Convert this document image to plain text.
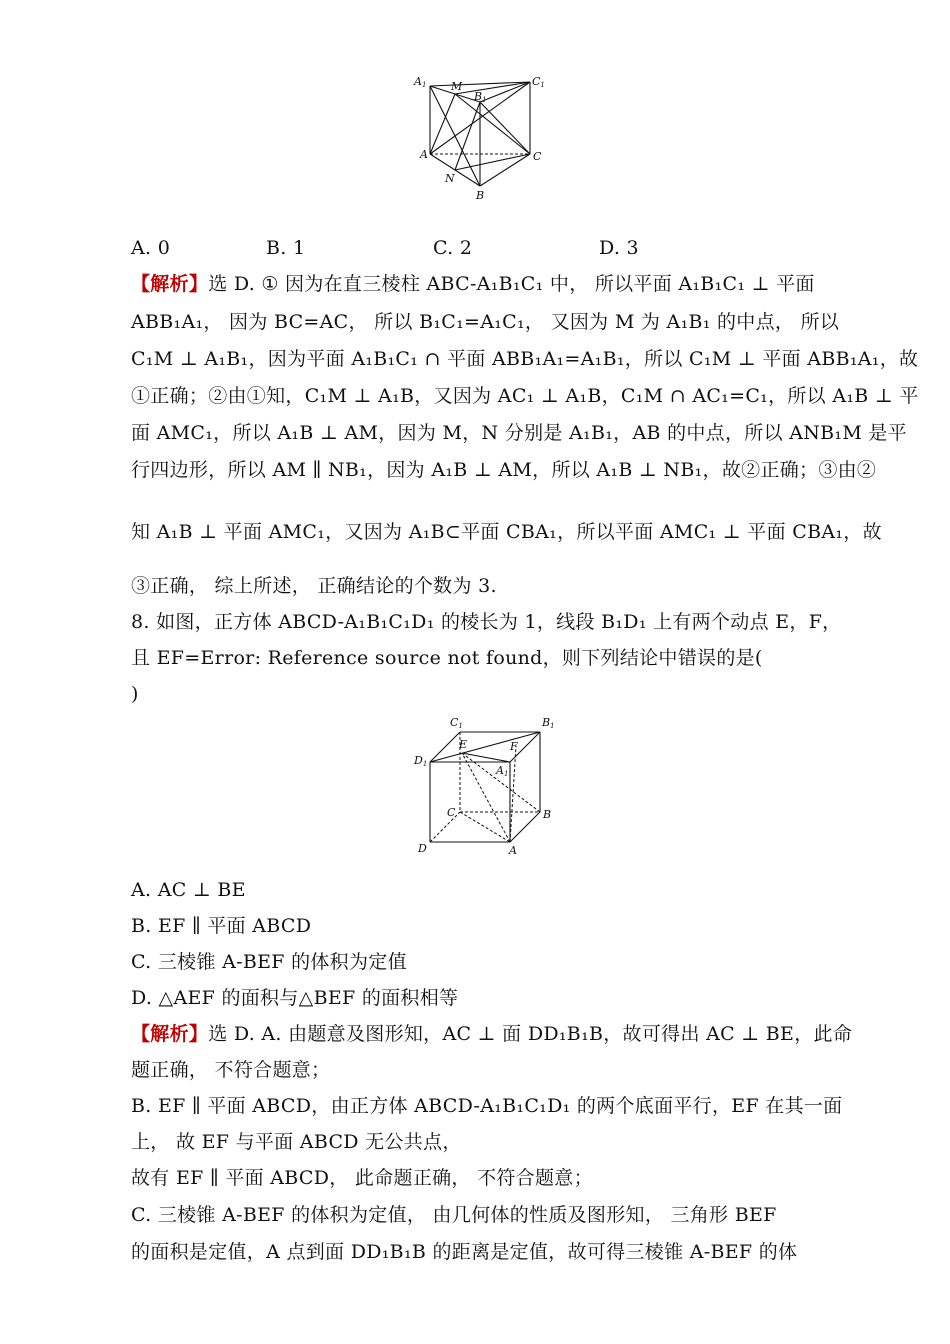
A1 M
B1
C1
A	C
N
B
A. 0	B. 1	C. 2	D. 3
【解析】选 D. ① 因为在直三棱柱 ABC-A₁B₁C₁ 中， 所以平面 A₁B₁C₁ ⊥ 平面
ABB₁A₁， 因为 BC=AC， 所以 B₁C₁=A₁C₁， 又因为 M 为 A₁B₁ 的中点， 所以
C₁M ⊥ A₁B₁，因为平面 A₁B₁C₁ ∩ 平面 ABB₁A₁=A₁B₁，所以 C₁M ⊥ 平面 ABB₁A₁，故
①正确；②由①知，C₁M ⊥ A₁B，又因为 AC₁ ⊥ A₁B，C₁M ∩ AC₁=C₁，所以 A₁B ⊥ 平
面 AMC₁，所以 A₁B ⊥ AM，因为 M，N 分别是 A₁B₁，AB 的中点，所以 ANB₁M 是平
行四边形，所以 AM ∥ NB₁，因为 A₁B ⊥ AM，所以 A₁B ⊥ NB₁，故②正确；③由②
知 A₁B ⊥ 平面 AMC₁，又因为 A₁B⊂平面 CBA₁，所以平面 AMC₁ ⊥ 平面 CBA₁，故
③正确， 综上所述， 正确结论的个数为 3.
8. 如图，正方体 ABCD-A₁B₁C₁D₁ 的棱长为 1，线段 B₁D₁ 上有两个动点 E，F，
且 EF=Error: Reference source not found，则下列结论中错误的是(
)
C1	B1
E	F
D1	A1
C	B
D	A
A. AC ⊥ BE
B. EF ∥ 平面 ABCD
C. 三棱锥 A-BEF 的体积为定值
D. △AEF 的面积与△BEF 的面积相等
【解析】选 D. A. 由题意及图形知，AC ⊥ 面 DD₁B₁B，故可得出 AC ⊥ BE，此命
题正确， 不符合题意；
B. EF ∥ 平面 ABCD，由正方体 ABCD-A₁B₁C₁D₁ 的两个底面平行，EF 在其一面
上， 故 EF 与平面 ABCD 无公共点，
故有 EF ∥ 平面 ABCD， 此命题正确， 不符合题意；
C. 三棱锥 A-BEF 的体积为定值， 由几何体的性质及图形知， 三角形 BEF
的面积是定值，A 点到面 DD₁B₁B 的距离是定值，故可得三棱锥 A-BEF 的体
